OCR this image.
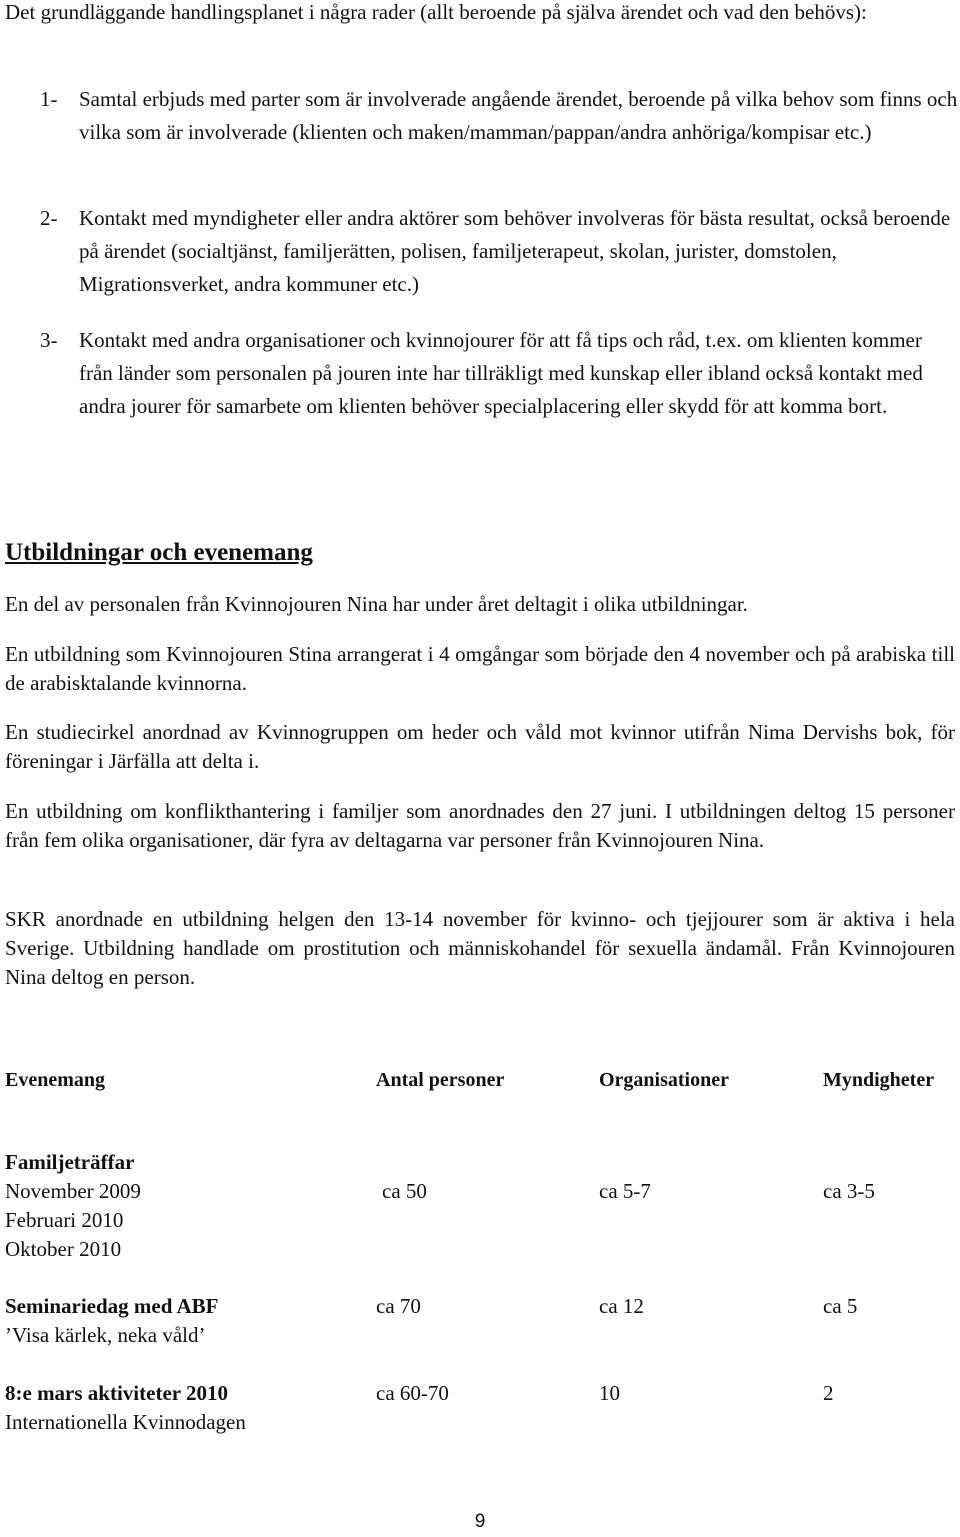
Det grundläggande handlingsplanet i några rader (allt beroende på själva ärendet och vad den behövs):

1-	Samtal erbjuds med parter som är involverade angående ärendet, beroende på vilka behov som finns och vilka som är involverade (klienten och maken/mamman/pappan/andra anhöriga/kompisar etc.)
2-	Kontakt med myndigheter eller andra aktörer som behöver involveras för bästa resultat, också beroende på ärendet (socialtjänst, familjerätten, polisen, familjeterapeut, skolan, jurister, domstolen, Migrationsverket, andra kommuner etc.)
3-	Kontakt med andra organisationer och kvinnojourer för att få tips och råd, t.ex. om klienten kommer från länder som personalen på jouren inte har tillräkligt med kunskap eller ibland också kontakt med andra jourer för samarbete om klienten behöver specialplacering eller skydd för att komma bort.
Utbildningar och evenemang

En del av personalen från Kvinnojouren Nina har under året deltagit i olika utbildningar.

En utbildning som Kvinnojouren Stina arrangerat i 4 omgångar som började den 4 november och på arabiska till de arabisktalande kvinnorna.

En studiecirkel anordnad av Kvinnogruppen om heder och våld mot kvinnor utifrån Nima Dervishs bok, för föreningar i Järfälla att delta i.

En utbildning om konflikthantering i familjer som anordnades den 27 juni. I utbildningen deltog 15 personer från fem olika organisationer, där fyra av deltagarna var personer från Kvinnojouren Nina.

SKR anordnade en utbildning helgen den 13-14 november för kvinno- och tjejjourer som är aktiva i hela Sverige. Utbildning handlade om prostitution och människohandel för sexuella ändamål. Från Kvinnojouren Nina deltog en person.

Evenemang	Antal personer	Organisationer	Myndigheter
Familjeträffar
November 2009
Februari 2010
Oktober 2010
ca 50	ca 5-7	ca 3-5
Seminariedag med ABF
’Visa kärlek, neka våld’
ca 70	ca 12	ca 5
8:e mars aktiviteter 2010
Internationella Kvinnodagen
ca 60-70	10	2
9
